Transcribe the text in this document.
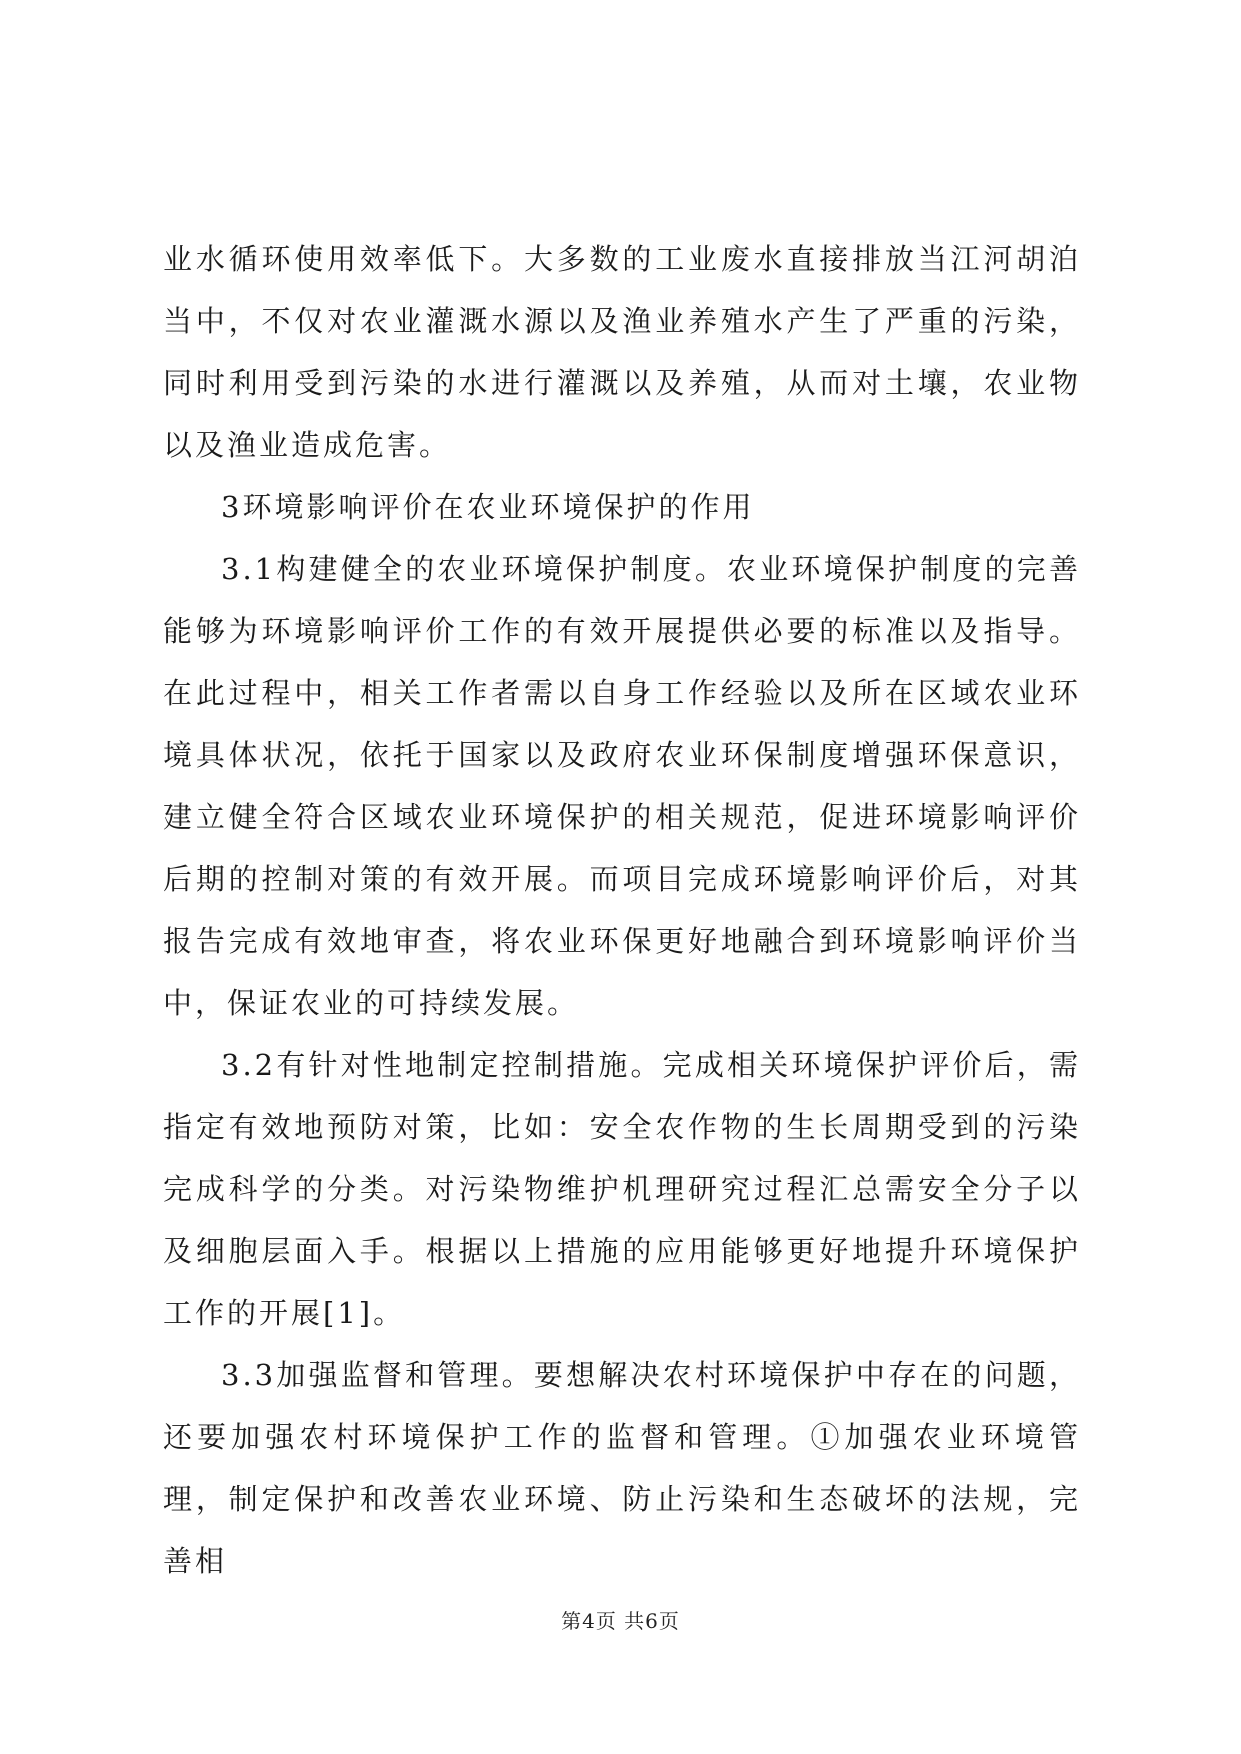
业水循环使用效率低下。大多数的工业废水直接排放当江河胡泊当中，不仅对农业灌溉水源以及渔业养殖水产生了严重的污染，同时利用受到污染的水进行灌溉以及养殖，从而对土壤，农业物以及渔业造成危害。

3环境影响评价在农业环境保护的作用

3.1构建健全的农业环境保护制度。农业环境保护制度的完善能够为环境影响评价工作的有效开展提供必要的标准以及指导。在此过程中，相关工作者需以自身工作经验以及所在区域农业环境具体状况，依托于国家以及政府农业环保制度增强环保意识，建立健全符合区域农业环境保护的相关规范，促进环境影响评价后期的控制对策的有效开展。而项目完成环境影响评价后，对其报告完成有效地审查，将农业环保更好地融合到环境影响评价当中，保证农业的可持续发展。

3.2有针对性地制定控制措施。完成相关环境保护评价后，需指定有效地预防对策，比如：安全农作物的生长周期受到的污染完成科学的分类。对污染物维护机理研究过程汇总需安全分子以及细胞层面入手。根据以上措施的应用能够更好地提升环境保护工作的开展[1]。

3.3加强监督和管理。要想解决农村环境保护中存在的问题，还要加强农村环境保护工作的监督和管理。①加强农业环境管理，制定保护和改善农业环境、防止污染和生态破坏的法规，完善相

第4页 共6页
